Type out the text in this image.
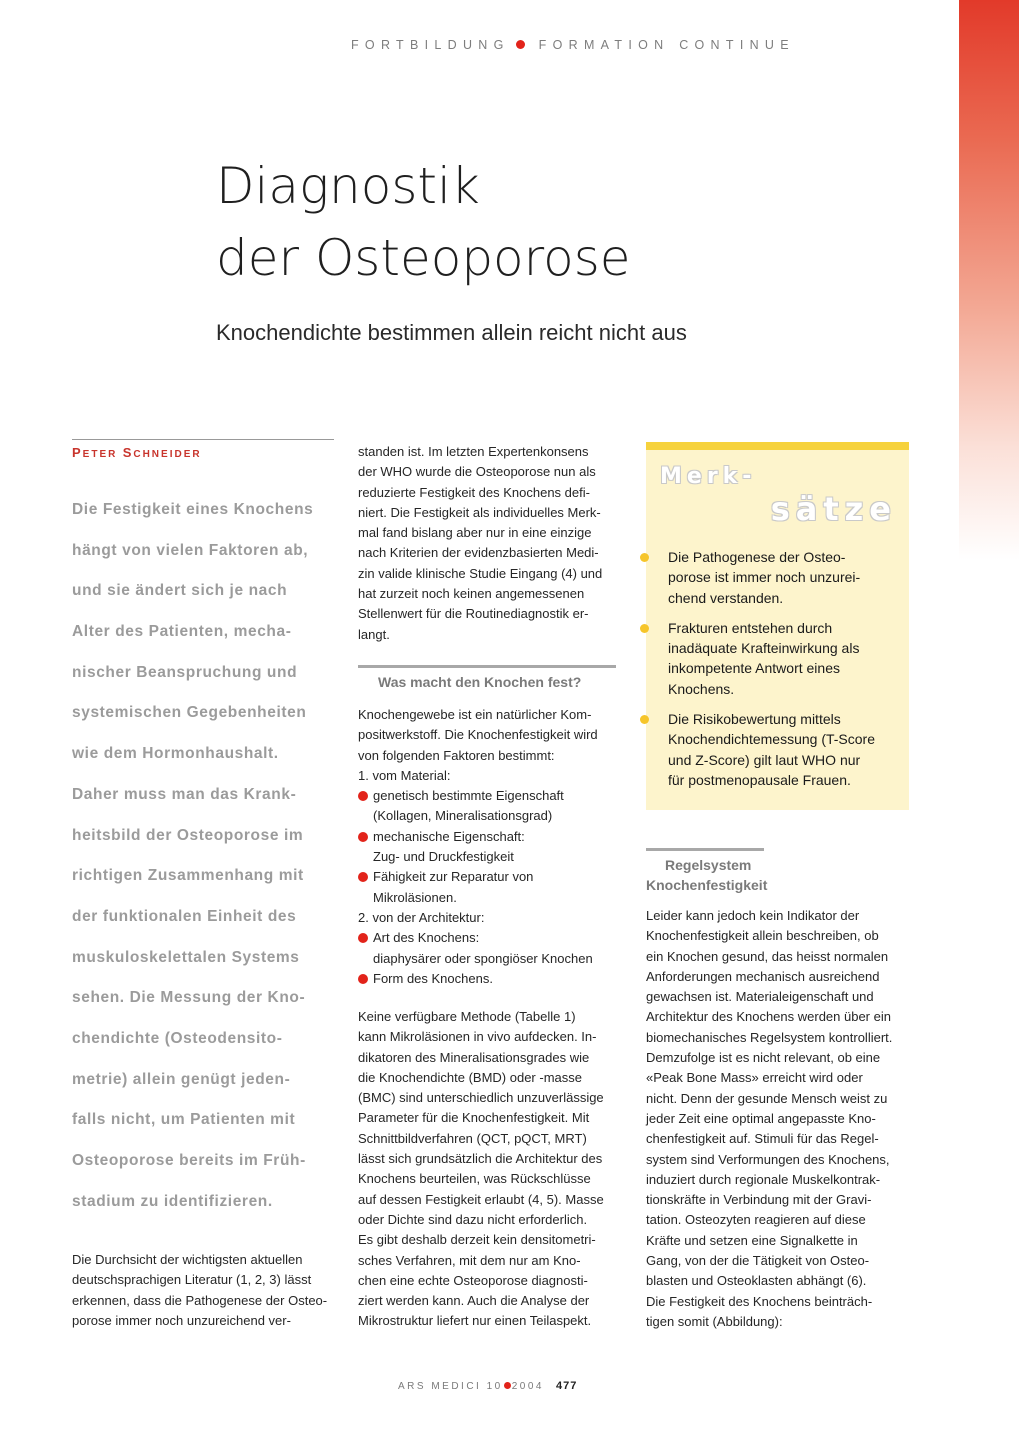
FORTBILDUNG FORMATION CONTINUE
Diagnostik
der Osteoporose
Knochendichte bestimmen allein reicht nicht aus
PETER SCHNEIDER
Die Festigkeit eines Knochens
hängt von vielen Faktoren ab,
und sie ändert sich je nach
Alter des Patienten, mecha-
nischer Beanspruchung und
systemischen Gegebenheiten
wie dem Hormonhaushalt.
Daher muss man das Krank-
heitsbild der Osteoporose im
richtigen Zusammenhang mit
der funktionalen Einheit des
muskuloskelettalen Systems
sehen. Die Messung der Kno-
chendichte (Osteodensito-
metrie) allein genügt jeden-
falls nicht, um Patienten mit
Osteoporose bereits im Früh-
stadium zu identifizieren.
Die Durchsicht der wichtigsten aktuellen
deutschsprachigen Literatur (1, 2, 3) lässt
erkennen, dass die Pathogenese der Osteo-
porose immer noch unzureichend ver-
standen ist. Im letzten Expertenkonsens
der WHO wurde die Osteoporose nun als
reduzierte Festigkeit des Knochens defi-
niert. Die Festigkeit als individuelles Merk-
mal fand bislang aber nur in eine einzige
nach Kriterien der evidenzbasierten Medi-
zin valide klinische Studie Eingang (4) und
hat zurzeit noch keinen angemessenen
Stellenwert für die Routinediagnostik er-
langt.
Was macht den Knochen fest?
Knochengewebe ist ein natürlicher Kom-
positwerkstoff. Die Knochenfestigkeit wird
von folgenden Faktoren bestimmt:
1. vom Material:
genetisch bestimmte Eigenschaft
(Kollagen, Mineralisationsgrad)
mechanische Eigenschaft:
Zug- und Druckfestigkeit
Fähigkeit zur Reparatur von
Mikroläsionen.
2. von der Architektur:
Art des Knochens:
diaphysärer oder spongiöser Knochen
Form des Knochens.
Keine verfügbare Methode (Tabelle 1)
kann Mikroläsionen in vivo aufdecken. In-
dikatoren des Mineralisationsgrades wie
die Knochendichte (BMD) oder -masse
(BMC) sind unterschiedlich unzuverlässige
Parameter für die Knochenfestigkeit. Mit
Schnittbildverfahren (QCT, pQCT, MRT)
lässt sich grundsätzlich die Architektur des
Knochens beurteilen, was Rückschlüsse
auf dessen Festigkeit erlaubt (4, 5). Masse
oder Dichte sind dazu nicht erforderlich.
Es gibt deshalb derzeit kein densitometri-
sches Verfahren, mit dem nur am Kno-
chen eine echte Osteoporose diagnosti-
ziert werden kann. Auch die Analyse der
Mikrostruktur liefert nur einen Teilaspekt.
Merk-
sätze
Die Pathogenese der Osteo-
porose ist immer noch unzurei-
chend verstanden.
Frakturen entstehen durch
inadäquate Krafteinwirkung als
inkompetente Antwort eines
Knochens.
Die Risikobewertung mittels
Knochendichtemessung (T-Score
und Z-Score) gilt laut WHO nur
für postmenopausale Frauen.
Regelsystem
Knochenfestigkeit
Leider kann jedoch kein Indikator der
Knochenfestigkeit allein beschreiben, ob
ein Knochen gesund, das heisst normalen
Anforderungen mechanisch ausreichend
gewachsen ist. Materialeigenschaft und
Architektur des Knochens werden über ein
biomechanisches Regelsystem kontrolliert.
Demzufolge ist es nicht relevant, ob eine
«Peak Bone Mass» erreicht wird oder
nicht. Denn der gesunde Mensch weist zu
jeder Zeit eine optimal angepasste Kno-
chenfestigkeit auf. Stimuli für das Regel-
system sind Verformungen des Knochens,
induziert durch regionale Muskelkontrak-
tionskräfte in Verbindung mit der Gravi-
tation. Osteozyten reagieren auf diese
Kräfte und setzen eine Signalkette in
Gang, von der die Tätigkeit von Osteo-
blasten und Osteoklasten abhängt (6).
Die Festigkeit des Knochens beinträch-
tigen somit (Abbildung):
ARS MEDICI 10 2004 477
